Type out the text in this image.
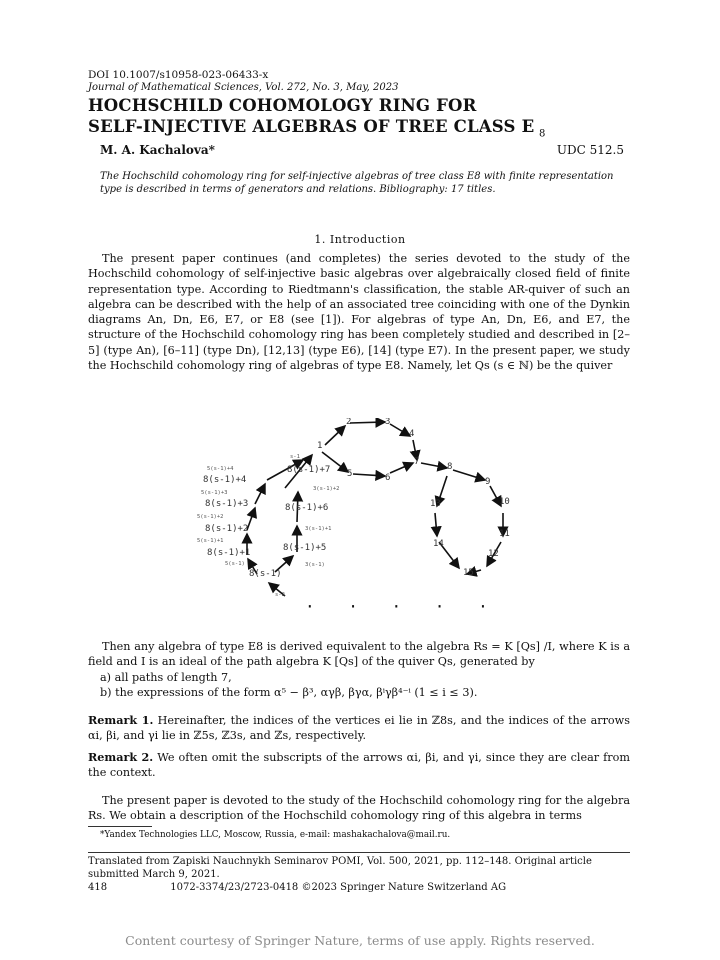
DOI 10.1007/s10958-023-06433-x
Journal of Mathematical Sciences, Vol. 272, No. 3, May, 2023
HOCHSCHILD COHOMOLOGY RING FOR
SELF-INJECTIVE ALGEBRAS OF TREE CLASS E $_8$
M. A. Kachalova*	UDC 512.5
The Hochschild cohomology ring for self-injective algebras of tree class E8 with finite representation type is described in terms of generators and relations. Bibliography: 17 titles.
1. Introduction
The present paper continues (and completes) the series devoted to the study of the Hochschild cohomology of self-injective basic algebras over algebraically closed field of finite representation type. According to Riedtmann's classification, the stable AR-quiver of such an algebra can be described with the help of an associated tree coinciding with one of the Dynkin diagrams An, Dn, E6, E7, or E8 (see [1]). For algebras of type An, Dn, E6, and E7, the structure of the Hochschild cohomology ring has been completely studied and described in [2–5] (type An), [6–11] (type Dn), [12,13] (type E6), [14] (type E7). In the present paper, we study the Hochschild cohomology ring of algebras of type E8. Namely, let Qs (s ∈ ℕ) be the quiver
1
2	3
4
5	6
7	8
9
10
11
12
13
14
15
8(s-1)+7
8(s-1)+6
8(s-1)+5
8(s-1)+4
8(s-1)+3
8(s-1)+2
8(s-1)+1
8(s-1)
5(s-1)+4
5(s-1)+3
5(s-1)+2
5(s-1)+1
5(s-1)
3(s-1)+2
3(s-1)+1
3(s-1)
s-1
s-2
· · · · ·
Then any algebra of type E8 is derived equivalent to the algebra Rs = K [Qs] /I, where K is a field and I is an ideal of the path algebra K [Qs] of the quiver Qs, generated by
a) all paths of length 7,
b) the expressions of the form α⁵ − β³, αγβ, βγα, βⁱγβ⁴⁻ⁱ (1 ≤ i ≤ 3).
Remark 1. Hereinafter, the indices of the vertices ei lie in ℤ8s, and the indices of the arrows αi, βi, and γi lie in ℤ5s, ℤ3s, and ℤs, respectively.
Remark 2. We often omit the subscripts of the arrows αi, βi, and γi, since they are clear from the context.
The present paper is devoted to the study of the Hochschild cohomology ring for the algebra Rs. We obtain a description of the Hochschild cohomology ring of this algebra in terms
*Yandex Technologies LLC, Moscow, Russia, e-mail: mashakachalova@mail.ru.
Translated from Zapiski Nauchnykh Seminarov POMI, Vol. 500, 2021, pp. 112–148. Original article submitted March 9, 2021.
418	1072-3374/23/2723-0418 ©2023 Springer Nature Switzerland AG
Content courtesy of Springer Nature, terms of use apply. Rights reserved.
